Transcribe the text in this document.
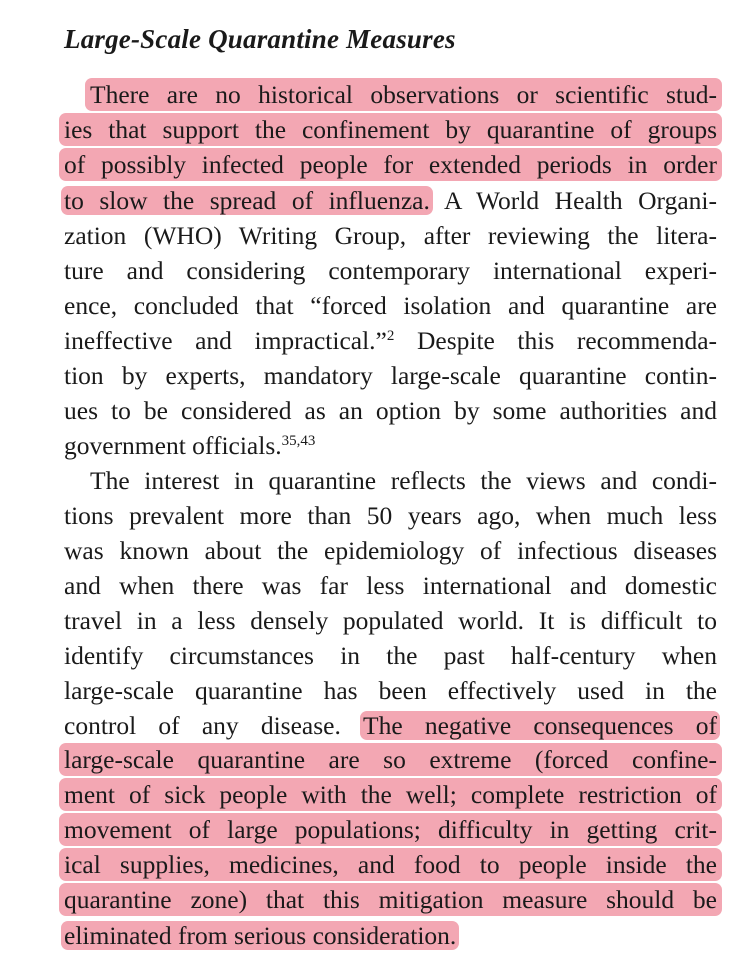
Large-Scale Quarantine Measures
There are no historical observations or scientific stud-
ies that support the confinement by quarantine of groups
of possibly infected people for extended periods in order
to slow the spread of influenza. A World Health Organi-
zation (WHO) Writing Group, after reviewing the litera-
ture and considering contemporary international experi-
ence, concluded that “forced isolation and quarantine are
ineffective and impractical.”$^2$ Despite this recommenda-
tion by experts, mandatory large-scale quarantine contin-
ues to be considered as an option by some authorities and
government officials.$^{35,43}$
The interest in quarantine reflects the views and condi-
tions prevalent more than 50 years ago, when much less
was known about the epidemiology of infectious diseases
and when there was far less international and domestic
travel in a less densely populated world. It is difficult to
identify circumstances in the past half-century when
large-scale quarantine has been effectively used in the
control of any disease. The negative consequences of
large-scale quarantine are so extreme (forced confine-
ment of sick people with the well; complete restriction of
movement of large populations; difficulty in getting crit-
ical supplies, medicines, and food to people inside the
quarantine zone) that this mitigation measure should be
eliminated from serious consideration.
